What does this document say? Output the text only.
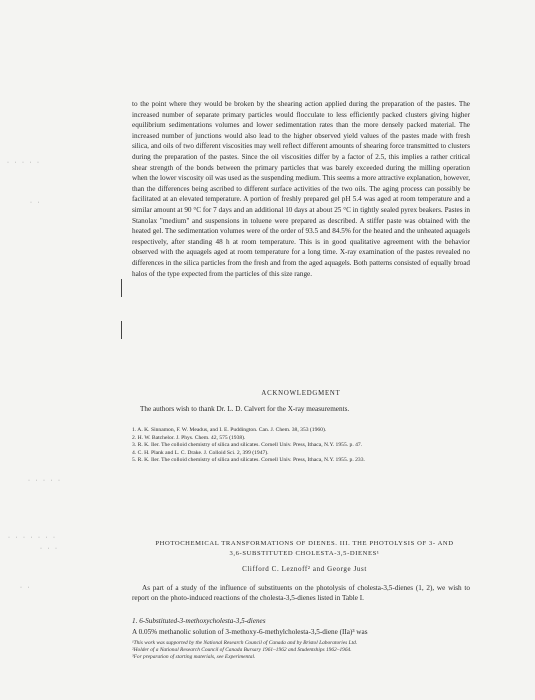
to the point where they would be broken by the shearing action applied during the preparation of the pastes. The increased number of separate primary particles would flocculate to less efficiently packed clusters giving higher equilibrium sedimentations volumes and lower sedimentation rates than the more densely packed material. The increased number of junctions would also lead to the higher observed yield values of the pastes made with fresh silica, and oils of two different viscosities may well reflect different amounts of shearing force transmitted to clusters during the preparation of the pastes. Since the oil viscosities differ by a factor of 2.5, this implies a rather critical shear strength of the bonds between the primary particles that was barely exceeded during the milling operation when the lower viscosity oil was used as the suspending medium. This seems a more attractive explanation, however, than the differences being ascribed to different surface activities of the two oils. The aging process can possibly be facilitated at an elevated temperature. A portion of freshly prepared gel pH 5.4 was aged at room temperature and a similar amount at 90 °C for 7 days and an additional 10 days at about 25 °C in tightly sealed pyrex beakers. Pastes in Stanolax "medium" and suspensions in toluene were prepared as described. A stiffer paste was obtained with the heated gel. The sedimentation volumes were of the order of 93.5 and 84.5% for the heated and the unheated aquagels respectively, after standing 48 h at room temperature. This is in good qualitative agreement with the behavior observed with the aquagels aged at room temperature for a long time. X-ray examination of the pastes revealed no differences in the silica particles from the fresh and from the aged aquagels. Both patterns consisted of equally broad halos of the type expected from the particles of this size range.

ACKNOWLEDGMENT
The authors wish to thank Dr. L. D. Calvert for the X-ray measurements.
1. A. K. Sinnamon, F. W. Meadus, and I. E. Puddington. Can. J. Chem. 38, 353 (1960).
2. H. W. Batchelor. J. Phys. Chem. 42, 575 (1938).
3. R. K. Iler. The colloid chemistry of silica and silicates. Cornell Univ. Press, Ithaca, N.Y. 1955. p. 47.
4. C. H. Plank and L. C. Drake. J. Colloid Sci. 2, 399 (1947).
5. R. K. Iler. The colloid chemistry of silica and silicates. Cornell Univ. Press, Ithaca, N.Y. 1955. p. 233.
PHOTOCHEMICAL TRANSFORMATIONS OF DIENES. III. THE PHOTOLYSIS OF 3- AND
3,6-SUBSTITUTED CHOLESTA-3,5-DIENES¹
Clifford C. Leznoff² and George Just

As part of a study of the influence of substituents on the photolysis of cholesta-3,5-dienes (1, 2), we wish to report on the photo-induced reactions of the cholesta-3,5-dienes listed in Table I.

1. 6-Substituted-3-methoxycholesta-3,5-dienes
A 0.05% methanolic solution of 3-methoxy-6-methylcholesta-3,5-diene (IIa)³ was
¹This work was supported by the National Research Council of Canada and by Bristol Laboratories Ltd.
²Holder of a National Research Council of Canada Bursary 1961–1962 and Studentships 1962–1964.
³For preparation of starting materials, see Experimental.
· · · · ·
· ·
· · · · ·
· · · · · · ·
· · ·
· ·
